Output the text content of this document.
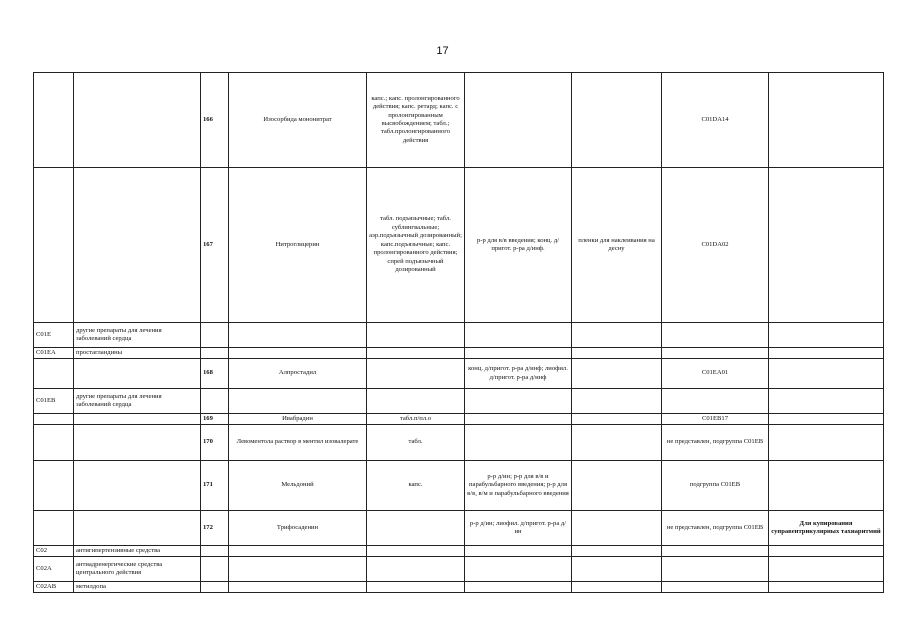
17
		166	Изосорбида мононитрат	капс.; капс. пролонгированного действия; капс. ретард; капс. с пролонгированным высвобождением; табл.; табл.пролонгированного действия			C01DA14	
		167	Нитроглицерин	табл. подъязычные; табл. сублингвальные; аэр.подъязычный дозированный; капс.подъязычные; капс. пролонгированного действия; спрей подъязычный дозированный	р-р для в/в введения; конц. д/пригот. р-ра д/инф.	пленки для наклеивания на десну	C01DA02	
C01E	другие препараты для лечения заболеваний сердца							
C01EA	простагландины							
		168	Алпростадил		конц. д/пригот. р-ра д/инф; лиофил. д/пригот. р-ра д/инф		C01EA01	
C01EB	другие препараты для лечения заболеваний сердца							
		169	Ивабрадин	табл.п/пл.о			C01EB17	
		170	Левоментола раствор в ментил изовалерате	табл.			не представлен, подгруппа C01EB	
		171	Мельдоний	капс.	р-р д/ин; р-р для в/в и парабульбарного введения; р-р для в/в, в/м и парабульбарного введения		подгруппа C01EB	
		172	Трифосаденин		р-р д/ин; лиофил. д/пригот. р-ра д/ин		не представлен, подгруппа C01EB	Для купирования суправентрикулярных тахиаритмий
C02	антигипертензивные средства							
C02A	антиадренергические средства центрального действия							
C02AB	метилдопа							
